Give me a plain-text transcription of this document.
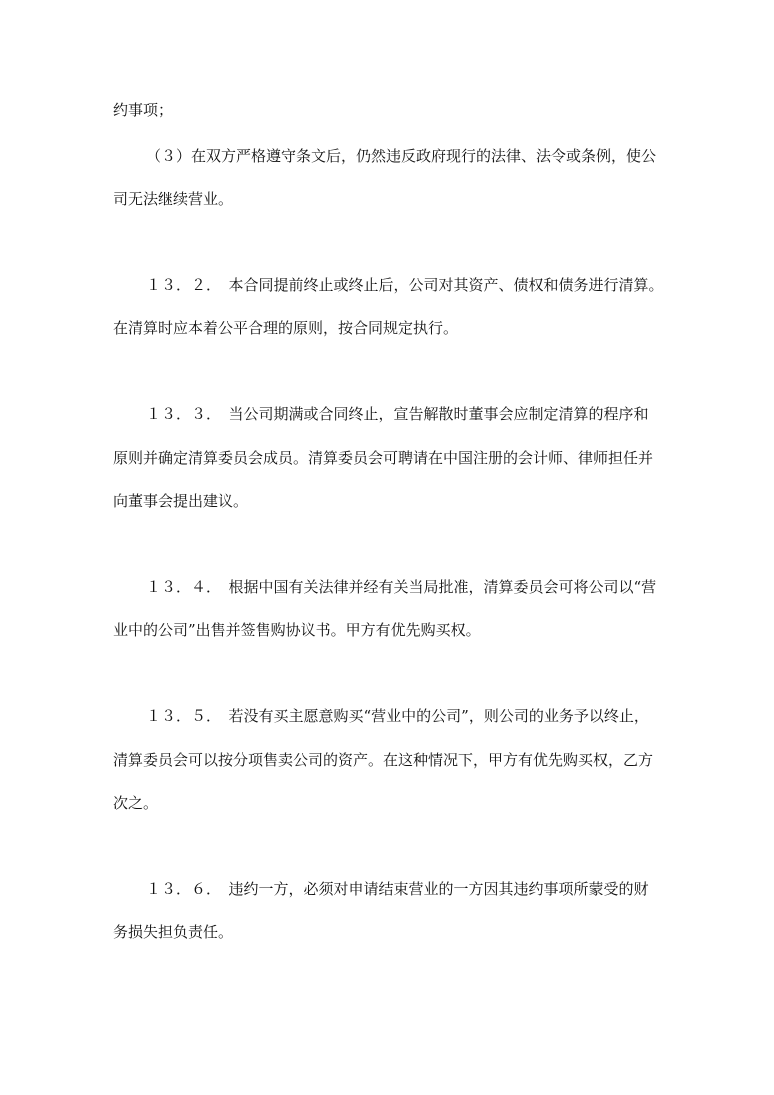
约事项；

（３）在双方严格遵守条文后，仍然违反政府现行的法律、法令或条例，使公

司无法继续营业。

１３．２．　本合同提前终止或终止后，公司对其资产、债权和债务进行清算。

在清算时应本着公平合理的原则，按合同规定执行。

１３．３．　当公司期满或合同终止，宣告解散时董事会应制定清算的程序和

原则并确定清算委员会成员。清算委员会可聘请在中国注册的会计师、律师担任并

向董事会提出建议。

１３．４．　根据中国有关法律并经有关当局批准，清算委员会可将公司以“营

业中的公司”出售并签售购协议书。甲方有优先购买权。

１３．５．　若没有买主愿意购买“营业中的公司”，则公司的业务予以终止，

清算委员会可以按分项售卖公司的资产。在这种情况下，甲方有优先购买权，乙方

次之。

１３．６．　违约一方，必须对申请结束营业的一方因其违约事项所蒙受的财

务损失担负责任。
